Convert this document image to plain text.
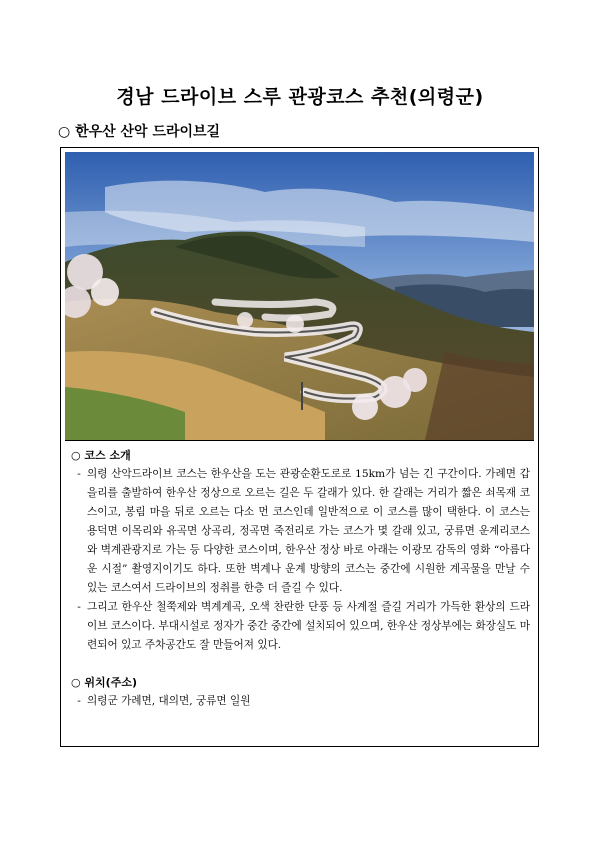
경남 드라이브 스루 관광코스 추천(의령군)
○ 한우산 산악 드라이브길

○ 코스 소개

- 의령 산악드라이브 코스는 한우산을 도는 관광순환도로로 15km가 넘는 긴 구간이다. 가례면 갑을리를 출발하여 한우산 정상으로 오르는 길은 두 갈래가 있다. 한 갈래는 거리가 짧은 쇠목재 코스이고, 봉림 마을 뒤로 오르는 다소 먼 코스인데 일반적으로 이 코스를 많이 택한다. 이 코스는 용덕면 이목리와 유곡면 상곡리, 정곡면 죽전리로 가는 코스가 몇 갈래 있고, 궁류면 운계리코스와 벽계관광지로 가는 등 다양한 코스이며, 한우산 정상 바로 아래는 이광모 감독의 영화 “아름다운 시절” 촬영지이기도 하다. 또한 벽계나 운계 방향의 코스는 중간에 시원한 계곡물을 만날 수 있는 코스여서 드라이브의 정취를 한층 더 즐길 수 있다.
- 그리고 한우산 철쭉제와 벽계계곡, 오색 찬란한 단풍 등 사계절 즐길 거리가 가득한 환상의 드라이브 코스이다. 부대시설로 정자가 중간 중간에 설치되어 있으며, 한우산 정상부에는 화장실도 마련되어 있고 주차공간도 잘 만들어져 있다.

○ 위치(주소)

- 의령군 가례면, 대의면, 궁류면 일원
